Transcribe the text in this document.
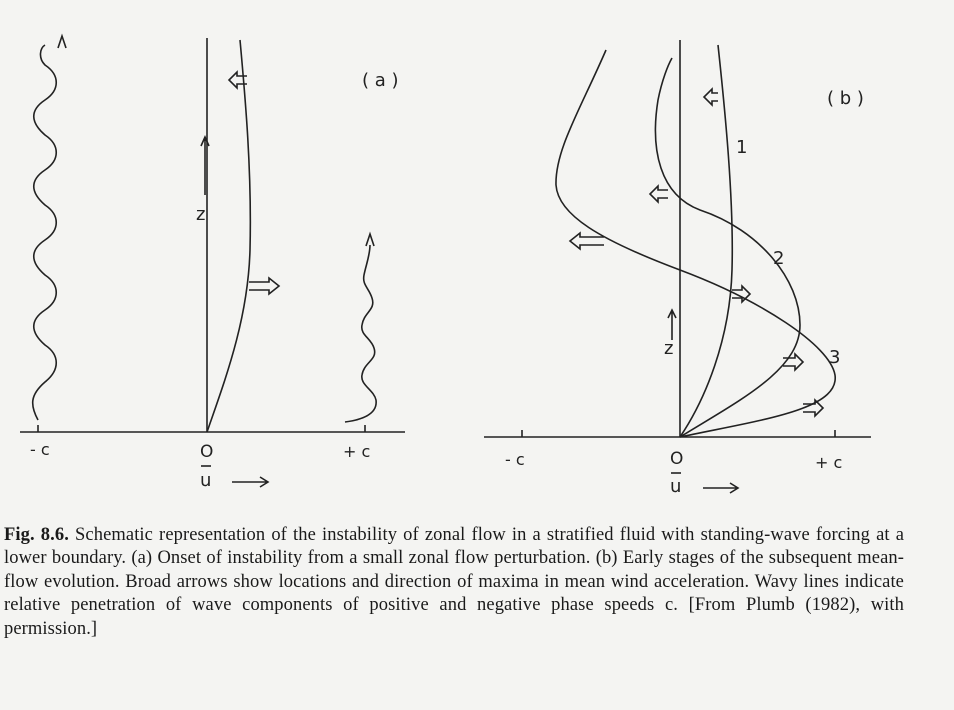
( a )
z
- c	O	+ c
u
( b )
1
2
3
z
- c	O	+ c
u

Fig. 8.6. Schematic representation of the instability of zonal flow in a stratified fluid with standing-wave forcing at a lower boundary. (a) Onset of instability from a small zonal flow perturbation. (b) Early stages of the subsequent mean-flow evolution. Broad arrows show locations and direction of maxima in mean wind acceleration. Wavy lines indicate relative penetration of wave components of positive and negative phase speeds c. [From Plumb (1982), with permission.]
